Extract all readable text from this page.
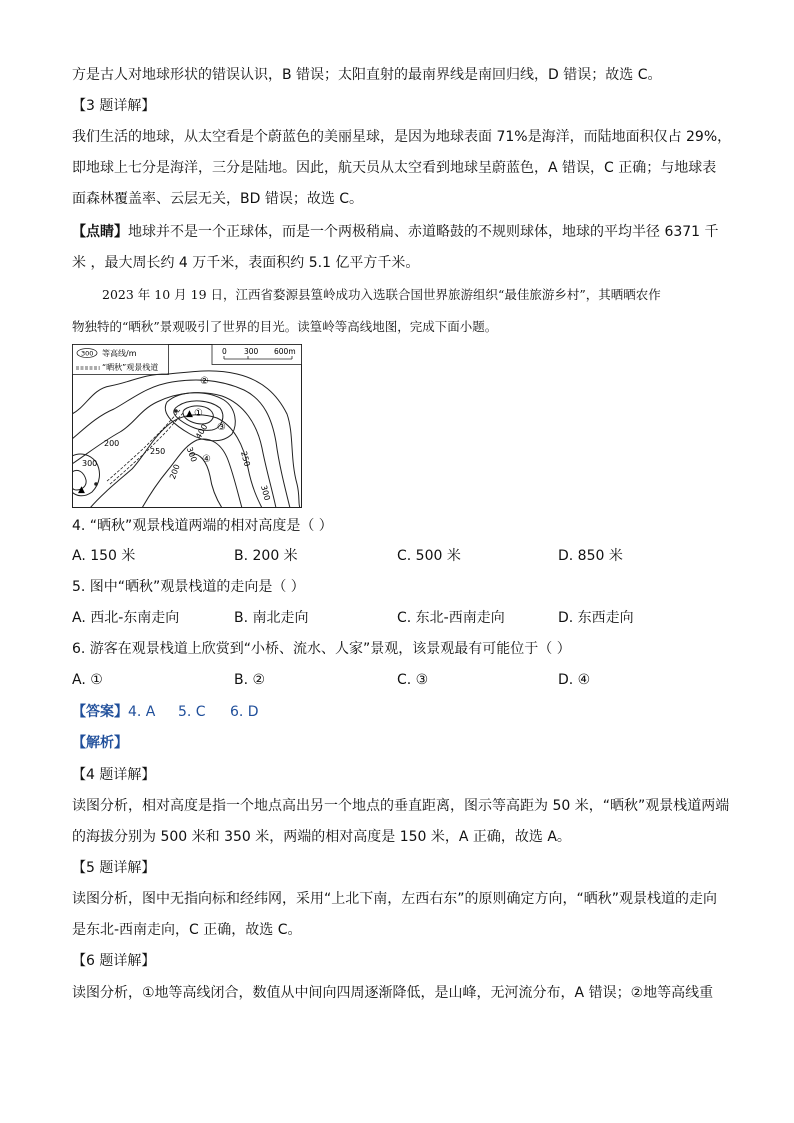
方是古人对地球形状的错误认识，B 错误；太阳直射的最南界线是南回归线，D 错误；故选 C。
【3 题详解】
我们生活的地球，从太空看是个蔚蓝色的美丽星球，是因为地球表面 71%是海洋，而陆地面积仅占 29%，
即地球上七分是海洋，三分是陆地。因此，航天员从太空看到地球呈蔚蓝色，A 错误，C 正确；与地球表
面森林覆盖率、云层无关，BD 错误；故选 C。
【点睛】地球并不是一个正球体，而是一个两极稍扁、赤道略鼓的不规则球体，地球的平均半径 6371 千
米 ，最大周长约 4 万千米，表面积约 5.1 亿平方千米。
2023 年 10 月 19 日，江西省婺源县篁岭成功入选联合国世界旅游组织“最佳旅游乡村”，其晒晒农作
物独特的“晒秋”景观吸引了世界的目光。读篁岭等高线地图，完成下面小题。
300 等高线/m
“晒秋”观景栈道
0 300 600m
▲
▲
①
②
③
④
200
250
300
400
300
200
250
300
4. “晒秋”观景栈道两端的相对高度是（ ）
A. 150 米	B. 200 米	C. 500 米	D. 850 米
5. 图中“晒秋”观景栈道的走向是（ ）
A. 西北-东南走向	B. 南北走向	C. 东北-西南走向	D. 东西走向
6. 游客在观景栈道上欣赏到“小桥、流水、人家”景观，该景观最有可能位于（ ）
A. ①	B. ②	C. ③	D. ④
【答案】 4. A 5. C 6. D
【解析】
【4 题详解】
读图分析，相对高度是指一个地点高出另一个地点的垂直距离，图示等高距为 50 米，“晒秋”观景栈道两端
的海拔分别为 500 米和 350 米，两端的相对高度是 150 米，A 正确，故选 A。
【5 题详解】
读图分析，图中无指向标和经纬网，采用“上北下南，左西右东”的原则确定方向，“晒秋”观景栈道的走向
是东北-西南走向，C 正确，故选 C。
【6 题详解】
读图分析，①地等高线闭合，数值从中间向四周逐渐降低，是山峰，无河流分布，A 错误；②地等高线重
